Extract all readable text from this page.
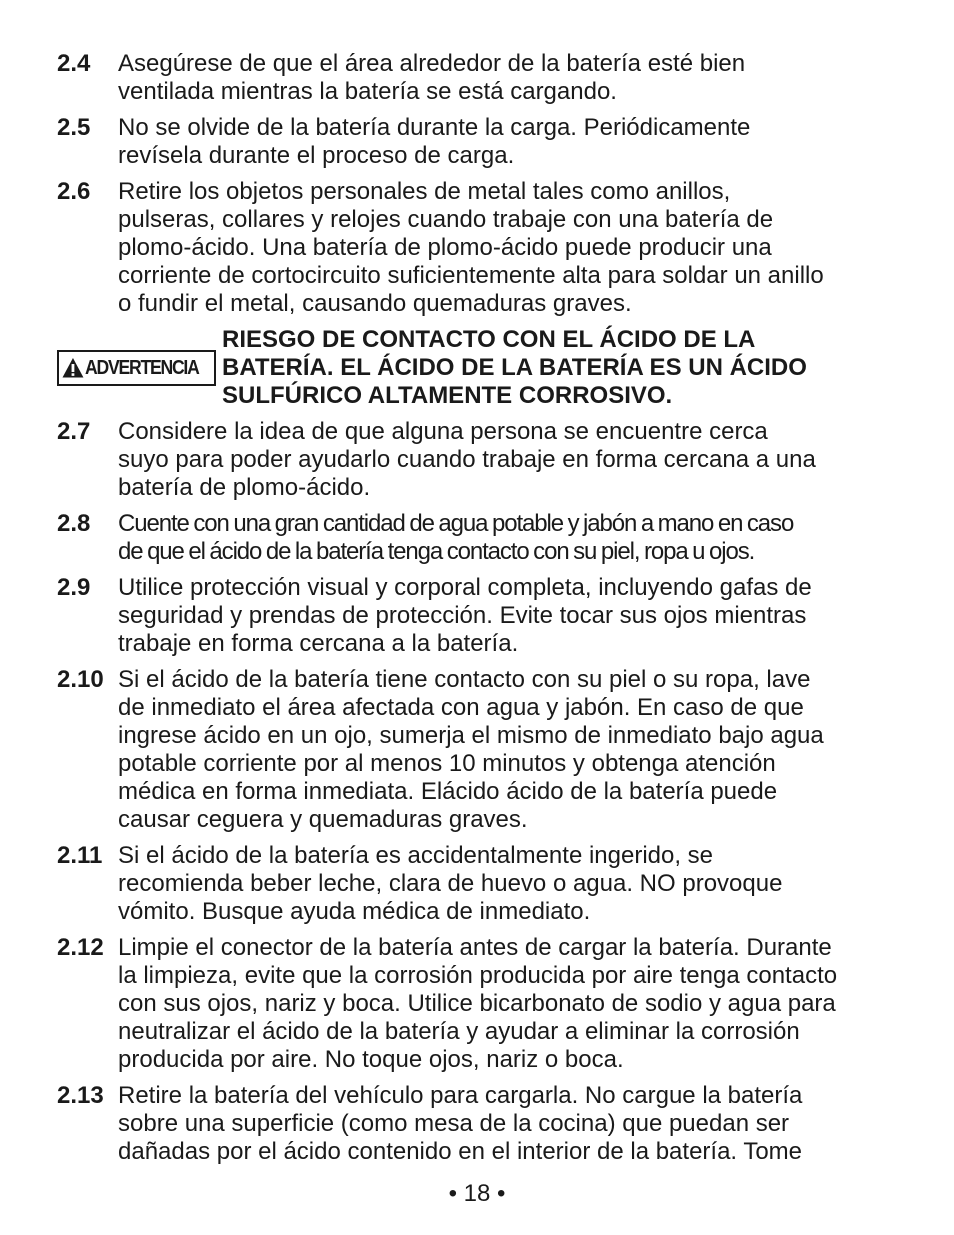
2.4	Asegúrese de que el área alrededor de la batería esté bien
ventilada mientras la batería se está cargando.
2.5	No se olvide de la batería durante la carga. Periódicamente
revísela durante el proceso de carga.
2.6	Retire los objetos personales de metal tales como anillos,
pulseras, collares y relojes cuando trabaje con una batería de
plomo-ácido. Una batería de plomo-ácido puede producir una
corriente de cortocircuito suficientemente alta para soldar un anillo
o fundir el metal, causando quemaduras graves.
ADVERTENCIA
RIESGO DE CONTACTO CON EL ÁCIDO DE LA
BATERÍA. EL ÁCIDO DE LA BATERÍA ES UN ÁCIDO
SULFÚRICO ALTAMENTE CORROSIVO.
2.7	Considere la idea de que alguna persona se encuentre cerca
suyo para poder ayudarlo cuando trabaje en forma cercana a una
batería de plomo-ácido.
2.8	Cuente con una gran cantidad de agua potable y jabón a mano en caso
de que el ácido de la batería tenga contacto con su piel, ropa u ojos.
2.9	Utilice protección visual y corporal completa, incluyendo gafas de
seguridad y prendas de protección. Evite tocar sus ojos mientras
trabaje en forma cercana a la batería.
2.10 Si el ácido de la batería tiene contacto con su piel o su ropa, lave
de inmediato el área afectada con agua y jabón. En caso de que
ingrese ácido en un ojo, sumerja el mismo de inmediato bajo agua
potable corriente por al menos 10 minutos y obtenga atención
médica en forma inmediata. Elácido ácido de la batería puede
causar ceguera y quemaduras graves.
2.11 Si el ácido de la batería es accidentalmente ingerido, se
recomienda beber leche, clara de huevo o agua. NO provoque
vómito. Busque ayuda médica de inmediato.
2.12 Limpie el conector de la batería antes de cargar la batería. Durante
la limpieza, evite que la corrosión producida por aire tenga contacto
con sus ojos, nariz y boca. Utilice bicarbonato de sodio y agua para
neutralizar el ácido de la batería y ayudar a eliminar la corrosión
producida por aire. No toque ojos, nariz o boca.
2.13 Retire la batería del vehículo para cargarla. No cargue la batería
sobre una superficie (como mesa de la cocina) que puedan ser
dañadas por el ácido contenido en el interior de la batería. Tome
• 18 •
